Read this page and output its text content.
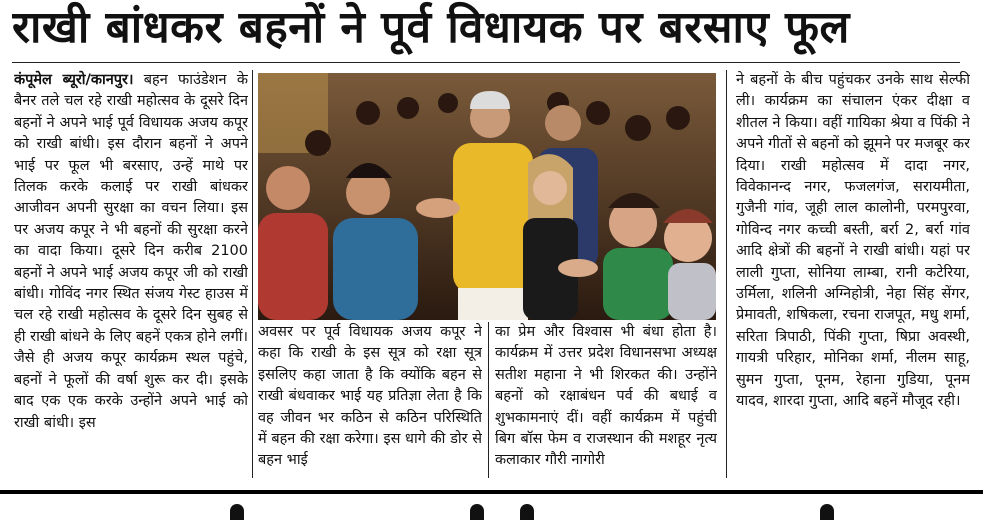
राखी बांधकर बहनों ने पूर्व विधायक पर बरसाए फूल
कंपूमेल ब्यूरो/कानपुर। बहन फाउंडेशन के बैनर तले चल रहे राखी महोत्सव के दूसरे दिन बहनों ने अपने भाई पूर्व विधायक अजय कपूर को राखी बांधी। इस दौरान बहनों ने अपने भाई पर फूल भी बरसाए, उन्हें माथे पर तिलक करके कलाई पर राखी बांधकर आजीवन अपनी सुरक्षा का वचन लिया। इस पर अजय कपूर ने भी बहनों की सुरक्षा करने का वादा किया। दूसरे दिन करीब 2100 बहनों ने अपने भाई अजय कपूर जी को राखी बांधी। गोविंद नगर स्थित संजय गेस्ट हाउस में चल रहे राखी महोत्सव के दूसरे दिन सुबह से ही राखी बांधने के लिए बहनें एकत्र होने लगीं। जैसे ही अजय कपूर कार्यक्रम स्थल पहुंचे, बहनों ने फूलों की वर्षा शुरू कर दी। इसके बाद एक एक करके उन्होंने अपने भाई को राखी बांधी। इस
अवसर पर पूर्व विधायक अजय कपूर ने कहा कि राखी के इस सूत्र को रक्षा सूत्र इसलिए कहा जाता है कि क्योंकि बहन से राखी बंधवाकर भाई यह प्रतिज्ञा लेता है कि वह जीवन भर कठिन से कठिन परिस्थिति में बहन की रक्षा करेगा। इस धागे की डोर से बहन भाई
का प्रेम और विश्वास भी बंधा होता है। कार्यक्रम में उत्तर प्रदेश विधानसभा अध्यक्ष सतीश महाना ने भी शिरकत की। उन्होंने बहनों को रक्षाबंधन पर्व की बधाई व शुभकामनाएं दीं। वहीं कार्यक्रम में पहुंची बिग बॉस फेम व राजस्थान की मशहूर नृत्य कलाकार गौरी नागोरी
ने बहनों के बीच पहुंचकर उनके साथ सेल्फी ली। कार्यक्रम का संचालन एंकर दीक्षा व शीतल ने किया। वहीं गायिका श्रेया व पिंकी ने अपने गीतों से बहनों को झूमने पर मजबूर कर दिया। राखी महोत्सव में दादा नगर, विवेकानन्द नगर, फजलगंज, सरायमीता, गुजैनी गांव, जूही लाल कालोनी, परमपुरवा, गोविन्द नगर कच्ची बस्ती, बर्रा 2, बर्रा गांव आदि क्षेत्रों की बहनों ने राखी बांधी। यहां पर लाली गुप्ता, सोनिया लाम्बा, रानी कटेरिया, उर्मिला, शलिनी अग्निहोत्री, नेहा सिंह सेंगर, प्रेमावती, शषिकला, रचना राजपूत, मधु शर्मा, सरिता त्रिपाठी, पिंकी गुप्ता, षिप्रा अवस्थी, गायत्री परिहार, मोनिका शर्मा, नीलम साहू, सुमन गुप्ता, पूनम, रेहाना गुडिया, पूनम यादव, शारदा गुप्ता, आदि बहनें मौजूद रही।
